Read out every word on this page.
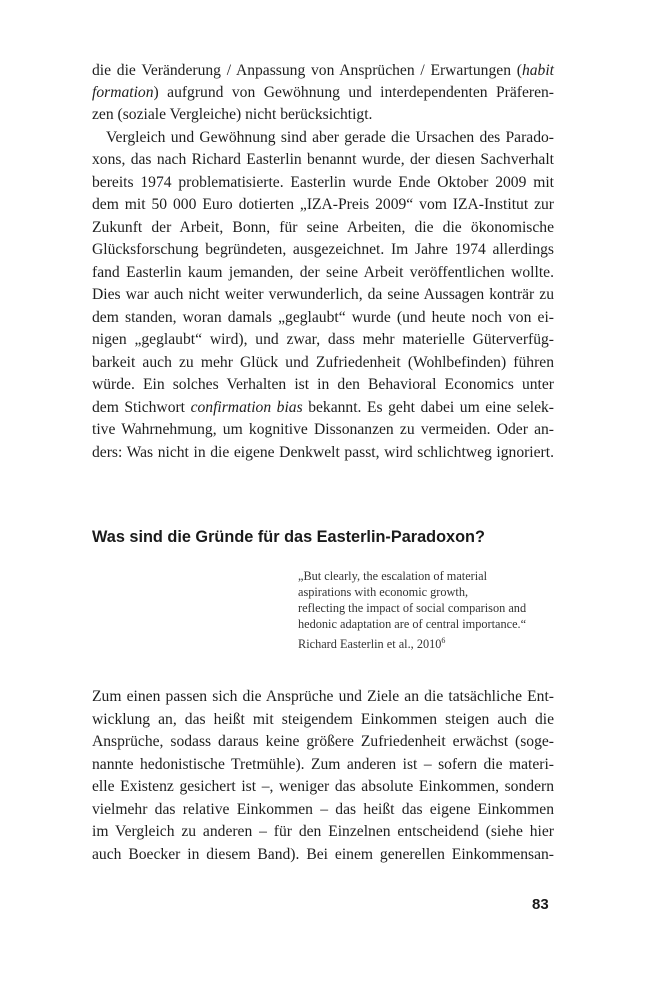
die die Veränderung / Anpassung von Ansprüchen / Erwartungen (habit
formation) aufgrund von Gewöhnung und interdependenten Präferen-
zen (soziale Vergleiche) nicht berücksichtigt.
Vergleich und Gewöhnung sind aber gerade die Ursachen des Parado-
xons, das nach Richard Easterlin benannt wurde, der diesen Sachverhalt
bereits 1974 problematisierte. Easterlin wurde Ende Oktober 2009 mit
dem mit 50 000 Euro dotierten „IZA-Preis 2009“ vom IZA-Institut zur
Zukunft der Arbeit, Bonn, für seine Arbeiten, die die ökonomische
Glücksforschung begründeten, ausgezeichnet. Im Jahre 1974 allerdings
fand Easterlin kaum jemanden, der seine Arbeit veröffentlichen wollte.
Dies war auch nicht weiter verwunderlich, da seine Aussagen konträr zu
dem standen, woran damals „geglaubt“ wurde (und heute noch von ei-
nigen „geglaubt“ wird), und zwar, dass mehr materielle Güterverfüg-
barkeit auch zu mehr Glück und Zufriedenheit (Wohlbefinden) führen
würde. Ein solches Verhalten ist in den Behavioral Economics unter
dem Stichwort confirmation bias bekannt. Es geht dabei um eine selek-
tive Wahrnehmung, um kognitive Dissonanzen zu vermeiden. Oder an-
ders: Was nicht in die eigene Denkwelt passt, wird schlichtweg ignoriert.
Was sind die Gründe für das Easterlin-Paradoxon?
„But clearly, the escalation of material
aspirations with economic growth,
reflecting the impact of social comparison and
hedonic adaptation are of central importance.“
Richard Easterlin et al., 2010$^6$
Zum einen passen sich die Ansprüche und Ziele an die tatsächliche Ent-
wicklung an, das heißt mit steigendem Einkommen steigen auch die
Ansprüche, sodass daraus keine größere Zufriedenheit erwächst (soge-
nannte hedonistische Tretmühle). Zum anderen ist – sofern die materi-
elle Existenz gesichert ist –, weniger das absolute Einkommen, sondern
vielmehr das relative Einkommen – das heißt das eigene Einkommen
im Vergleich zu anderen – für den Einzelnen entscheidend (siehe hier
auch Boecker in diesem Band). Bei einem generellen Einkommensan-
83
